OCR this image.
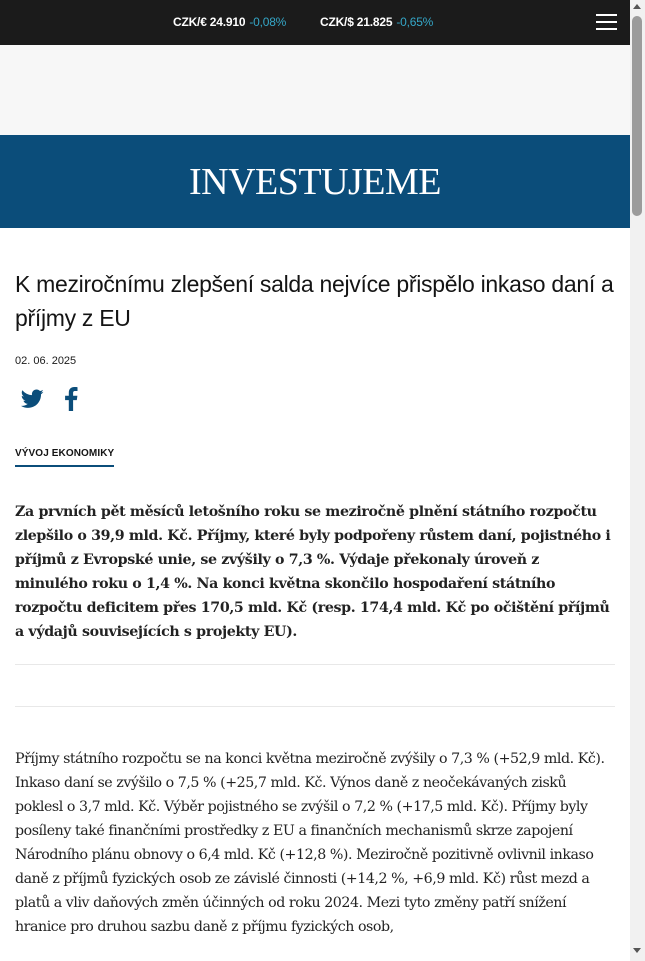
CZK/€ 24.910 -0,08%	CZK/$ 21.825 -0,65%
INVESTUJEME
K meziročnímu zlepšení salda nejvíce přispělo inkaso daní a příjmy z EU
02. 06. 2025
VÝVOJ EKONOMIKY

Za prvních pět měsíců letošního roku se meziročně plnění státního rozpočtu zlepšilo o 39,9 mld. Kč. Příjmy, které byly podpořeny růstem daní, pojistného i příjmů z Evropské unie, se zvýšily o 7,3 %. Výdaje překonaly úroveň z minulého roku o 1,4 %. Na konci května skončilo hospodaření státního rozpočtu deficitem přes 170,5 mld. Kč (resp. 174,4 mld. Kč po očištění příjmů a výdajů souvisejících s projekty EU).

Příjmy státního rozpočtu se na konci května meziročně zvýšily o 7,3 % (+52,9 mld. Kč). Inkaso daní se zvýšilo o 7,5 % (+25,7 mld. Kč. Výnos daně z neočekávaných zisků poklesl o 3,7 mld. Kč. Výběr pojistného se zvýšil o 7,2 % (+17,5 mld. Kč). Příjmy byly posíleny také finančními prostředky z EU a finančních mechanismů skrze zapojení Národního plánu obnovy o 6,4 mld. Kč (+12,8 %). Meziročně pozitivně ovlivnil inkaso daně z příjmů fyzických osob ze závislé činnosti (+14,2 %, +6,9 mld. Kč) růst mezd a platů a vliv daňových změn účinných od roku 2024. Mezi tyto změny patří snížení hranice pro druhou sazbu daně z příjmu fyzických osob,
